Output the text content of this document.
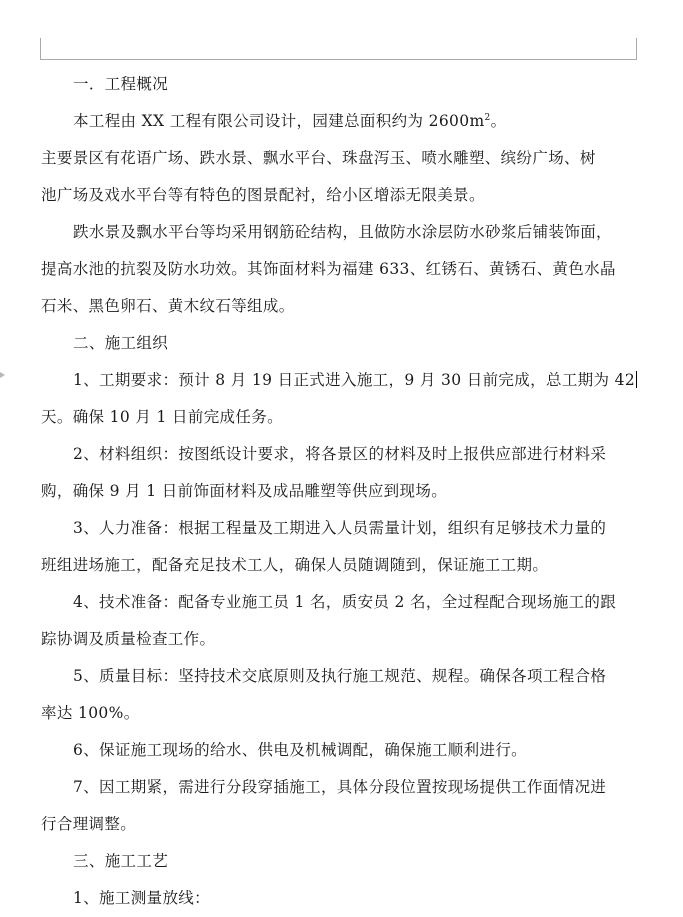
一．工程概况

本工程由 XX 工程有限公司设计，园建总面积约为 $2600m^2$。

主要景区有花语广场、跌水景、飘水平台、珠盘泻玉、喷水雕塑、缤纷广场、树
池广场及戏水平台等有特色的图景配衬，给小区增添无限美景。

跌水景及飘水平台等均采用钢筋砼结构，且做防水涂层防水砂浆后铺装饰面，
提高水池的抗裂及防水功效。其饰面材料为福建 633、红锈石、黄锈石、黄色水晶
石米、黑色卵石、黄木纹石等组成。

二、施工组织

1、工期要求：预计 8 月 19 日正式进入施工，9 月 30 日前完成，总工期为 42
天。确保 10 月 1 日前完成任务。

2、材料组织：按图纸设计要求，将各景区的材料及时上报供应部进行材料采
购，确保 9 月 1 日前饰面材料及成品雕塑等供应到现场。

3、人力准备：根据工程量及工期进入人员需量计划，组织有足够技术力量的
班组进场施工，配备充足技术工人，确保人员随调随到，保证施工工期。

4、技术准备：配备专业施工员 1 名，质安员 2 名，全过程配合现场施工的跟
踪协调及质量检查工作。

5、质量目标：坚持技术交底原则及执行施工规范、规程。确保各项工程合格
率达 100%。

6、保证施工现场的给水、供电及机械调配，确保施工顺利进行。

7、因工期紧，需进行分段穿插施工，具体分段位置按现场提供工作面情况进
行合理调整。

三、施工工艺

1、施工测量放线：
